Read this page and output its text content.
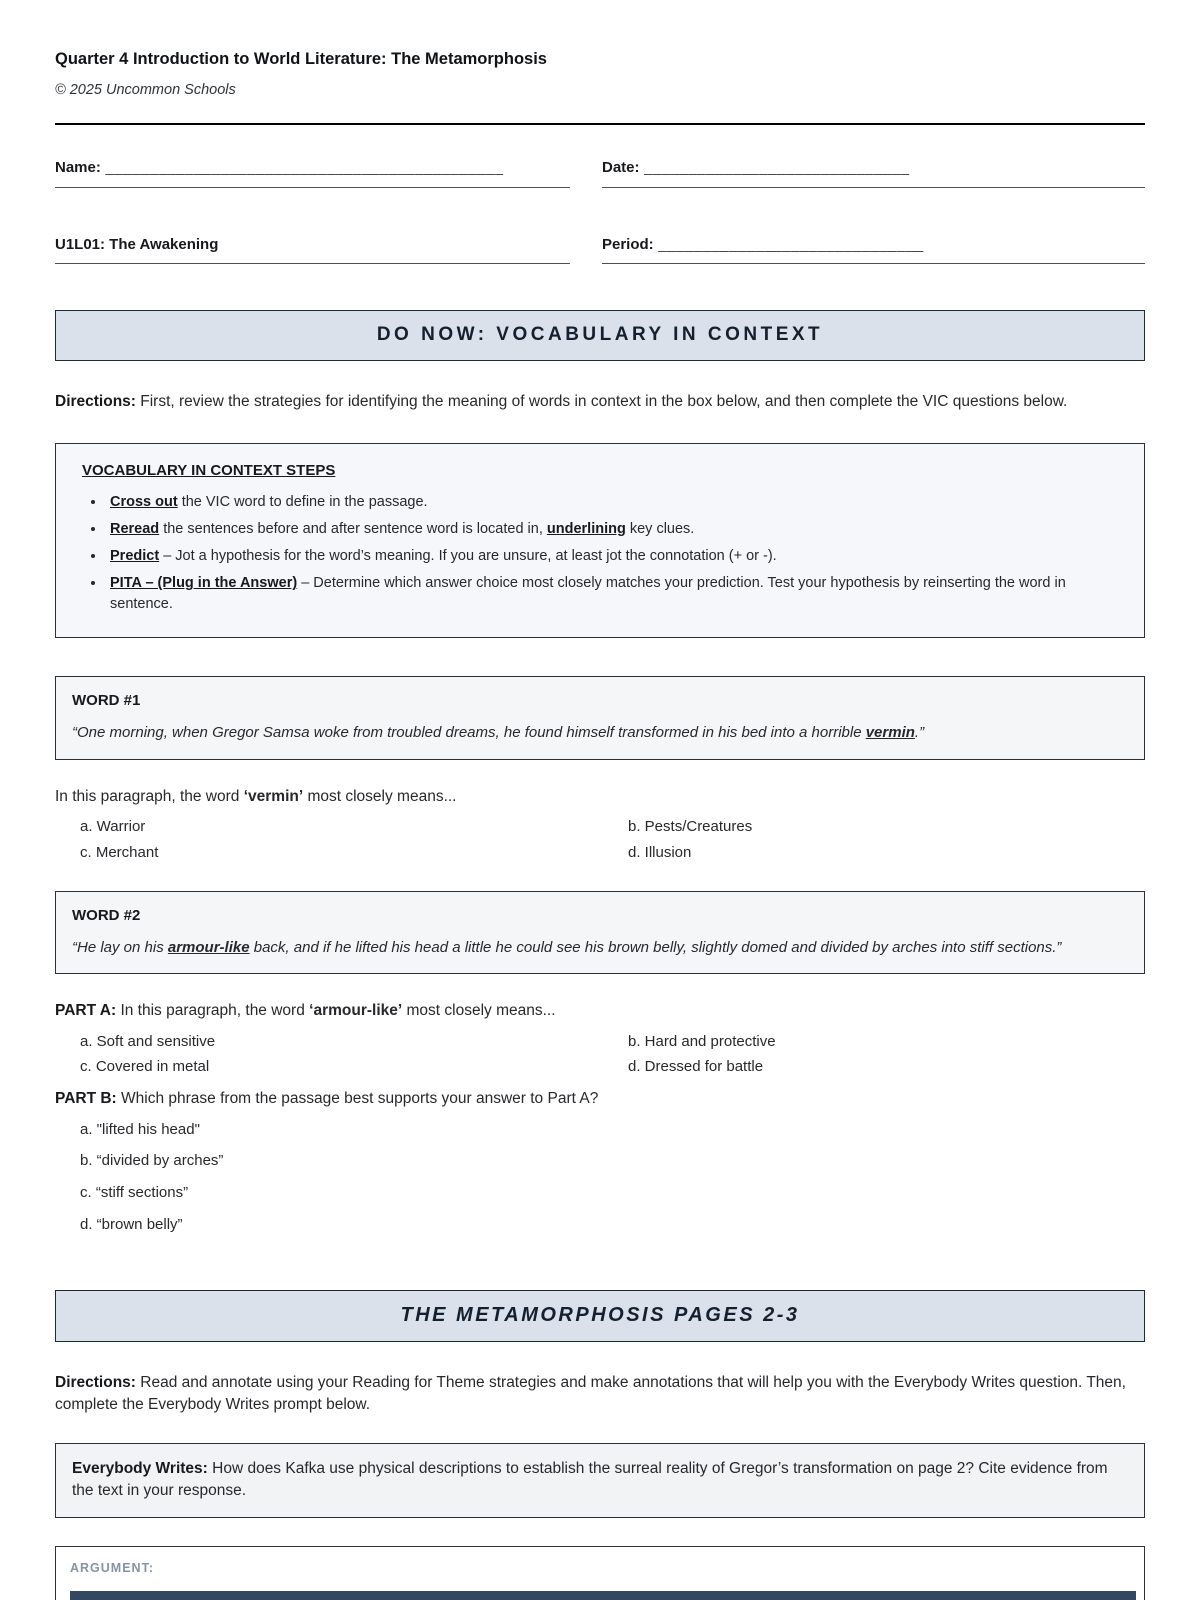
Quarter 4 Introduction to World Literature: The Metamorphosis
© 2025 Uncommon Schools
Name: _____________________________________________	Date: ______________________________
U1L01: The Awakening	Period: ______________________________
DO NOW: VOCABULARY IN CONTEXT

Directions: First, review the strategies for identifying the meaning of words in context in the box below, and then complete the VIC questions below.

VOCABULARY IN CONTEXT STEPS
• Cross out the VIC word to define in the passage.
• Reread the sentences before and after sentence word is located in, underlining key clues.
• Predict – Jot a hypothesis for the word’s meaning. If you are unsure, at least jot the connotation (+ or -).
• PITA – (Plug in the Answer) – Determine which answer choice most closely matches your prediction. Test your hypothesis by reinserting the word in sentence.
WORD #1

“One morning, when Gregor Samsa woke from troubled dreams, he found himself transformed in his bed into a horrible vermin.”

In this paragraph, the word ‘vermin’ most closely means...

a. Warrior	b. Pests/Creatures
c. Merchant	d. Illusion
WORD #2

“He lay on his armour-like back, and if he lifted his head a little he could see his brown belly, slightly domed and divided by arches into stiff sections.”

PART A: In this paragraph, the word ‘armour-like’ most closely means...

a. Soft and sensitive	b. Hard and protective
c. Covered in metal	d. Dressed for battle

PART B: Which phrase from the passage best supports your answer to Part A?

a. "lifted his head"
b. “divided by arches”
c. “stiff sections”
d. “brown belly”
THE METAMORPHOSIS PAGES 2-3

Directions: Read and annotate using your Reading for Theme strategies and make annotations that will help you with the Everybody Writes question. Then, complete the Everybody Writes prompt below.

Everybody Writes: How does Kafka use physical descriptions to establish the surreal reality of Gregor’s transformation on page 2? Cite evidence from the text in your response.

ARGUMENT:
